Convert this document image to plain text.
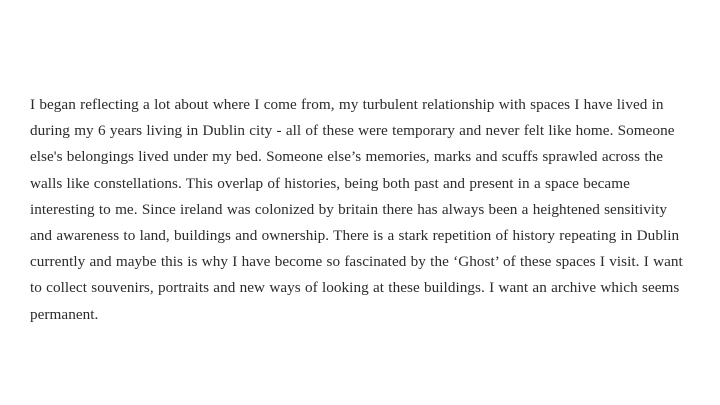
I began reflecting a lot about where I come from, my turbulent relationship with spaces I have lived in during my 6 years living in Dublin city - all of these were temporary and never felt like home. Someone else's belongings lived under my bed. Someone else’s memories, marks and scuffs sprawled across the walls like constellations. This overlap of histories, being both past and present in a space became interesting to me. Since ireland was colonized by britain there has always been a heightened sensitivity and awareness to land, buildings and ownership. There is a stark repetition of history repeating in Dublin currently and maybe this is why I have become so fascinated by the ‘Ghost’ of these spaces I visit. I want to collect souvenirs, portraits and new ways of looking at these buildings. I want an archive which seems permanent.
